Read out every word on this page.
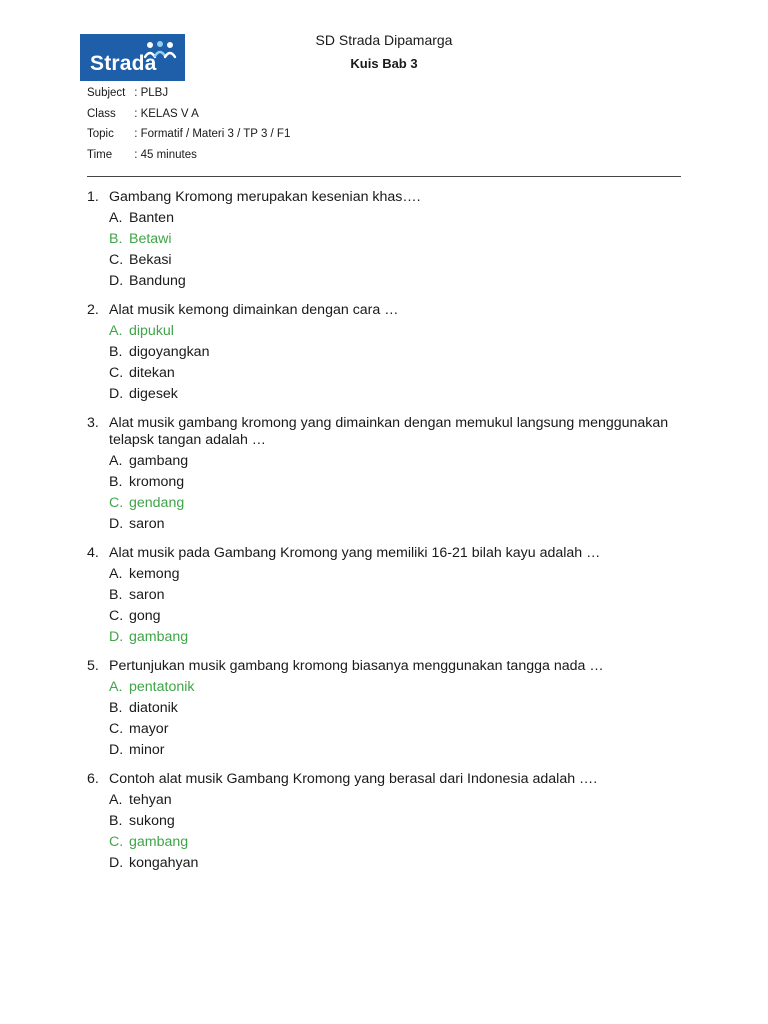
Strada
SD Strada Dipamarga
Kuis Bab 3
Subject : PLBJ
Class : KELAS V A
Topic : Formatif / Materi 3 / TP 3 / F1
Time : 45 minutes
1. Gambang Kromong merupakan kesenian khas….
A. Banten
B. Betawi
C. Bekasi
D. Bandung
2. Alat musik kemong dimainkan dengan cara …
A. dipukul
B. digoyangkan
C. ditekan
D. digesek
3. Alat musik gambang kromong yang dimainkan dengan memukul langsung menggunakan telapsk tangan adalah …
A. gambang
B. kromong
C. gendang
D. saron
4. Alat musik pada Gambang Kromong yang memiliki 16-21 bilah kayu adalah …
A. kemong
B. saron
C. gong
D. gambang
5. Pertunjukan musik gambang kromong biasanya menggunakan tangga nada …
A. pentatonik
B. diatonik
C. mayor
D. minor
6. Contoh alat musik Gambang Kromong yang berasal dari Indonesia adalah ….
A. tehyan
B. sukong
C. gambang
D. kongahyan
